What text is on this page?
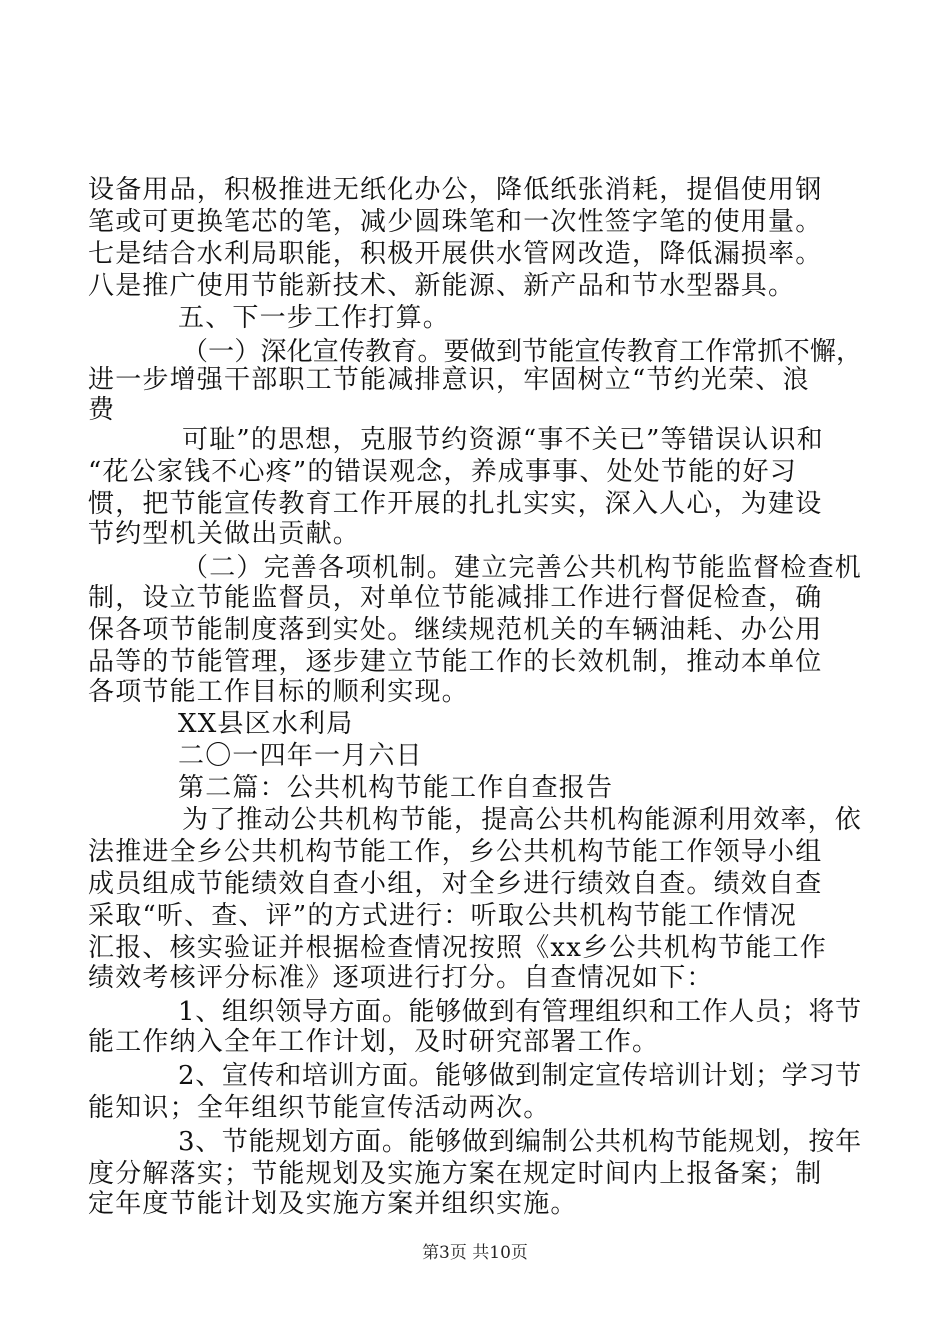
设备用品，积极推进无纸化办公，降低纸张消耗，提倡使用钢
笔或可更换笔芯的笔，减少圆珠笔和一次性签字笔的使用量。
七是结合水利局职能，积极开展供水管网改造，降低漏损率。
八是推广使用节能新技术、新能源、新产品和节水型器具。
五、下一步工作打算。
（一）深化宣传教育。要做到节能宣传教育工作常抓不懈，
进一步增强干部职工节能减排意识，牢固树立“节约光荣、浪
费
可耻”的思想，克服节约资源“事不关已”等错误认识和
“花公家钱不心疼”的错误观念，养成事事、处处节能的好习
惯，把节能宣传教育工作开展的扎扎实实，深入人心，为建设
节约型机关做出贡献。
（二）完善各项机制。建立完善公共机构节能监督检查机
制，设立节能监督员，对单位节能减排工作进行督促检查，确
保各项节能制度落到实处。继续规范机关的车辆油耗、办公用
品等的节能管理，逐步建立节能工作的长效机制，推动本单位
各项节能工作目标的顺利实现。
XX县区水利局
二〇一四年一月六日
第二篇：公共机构节能工作自查报告
为了推动公共机构节能，提高公共机构能源利用效率，依
法推进全乡公共机构节能工作，乡公共机构节能工作领导小组
成员组成节能绩效自查小组，对全乡进行绩效自查。绩效自查
采取“听、查、评”的方式进行：听取公共机构节能工作情况
汇报、核实验证并根据检查情况按照《xx乡公共机构节能工作
绩效考核评分标准》逐项进行打分。自查情况如下：
1、组织领导方面。能够做到有管理组织和工作人员；将节
能工作纳入全年工作计划，及时研究部署工作。
2、宣传和培训方面。能够做到制定宣传培训计划；学习节
能知识；全年组织节能宣传活动两次。
3、节能规划方面。能够做到编制公共机构节能规划，按年
度分解落实；节能规划及实施方案在规定时间内上报备案；制
定年度节能计划及实施方案并组织实施。
第3页 共10页
